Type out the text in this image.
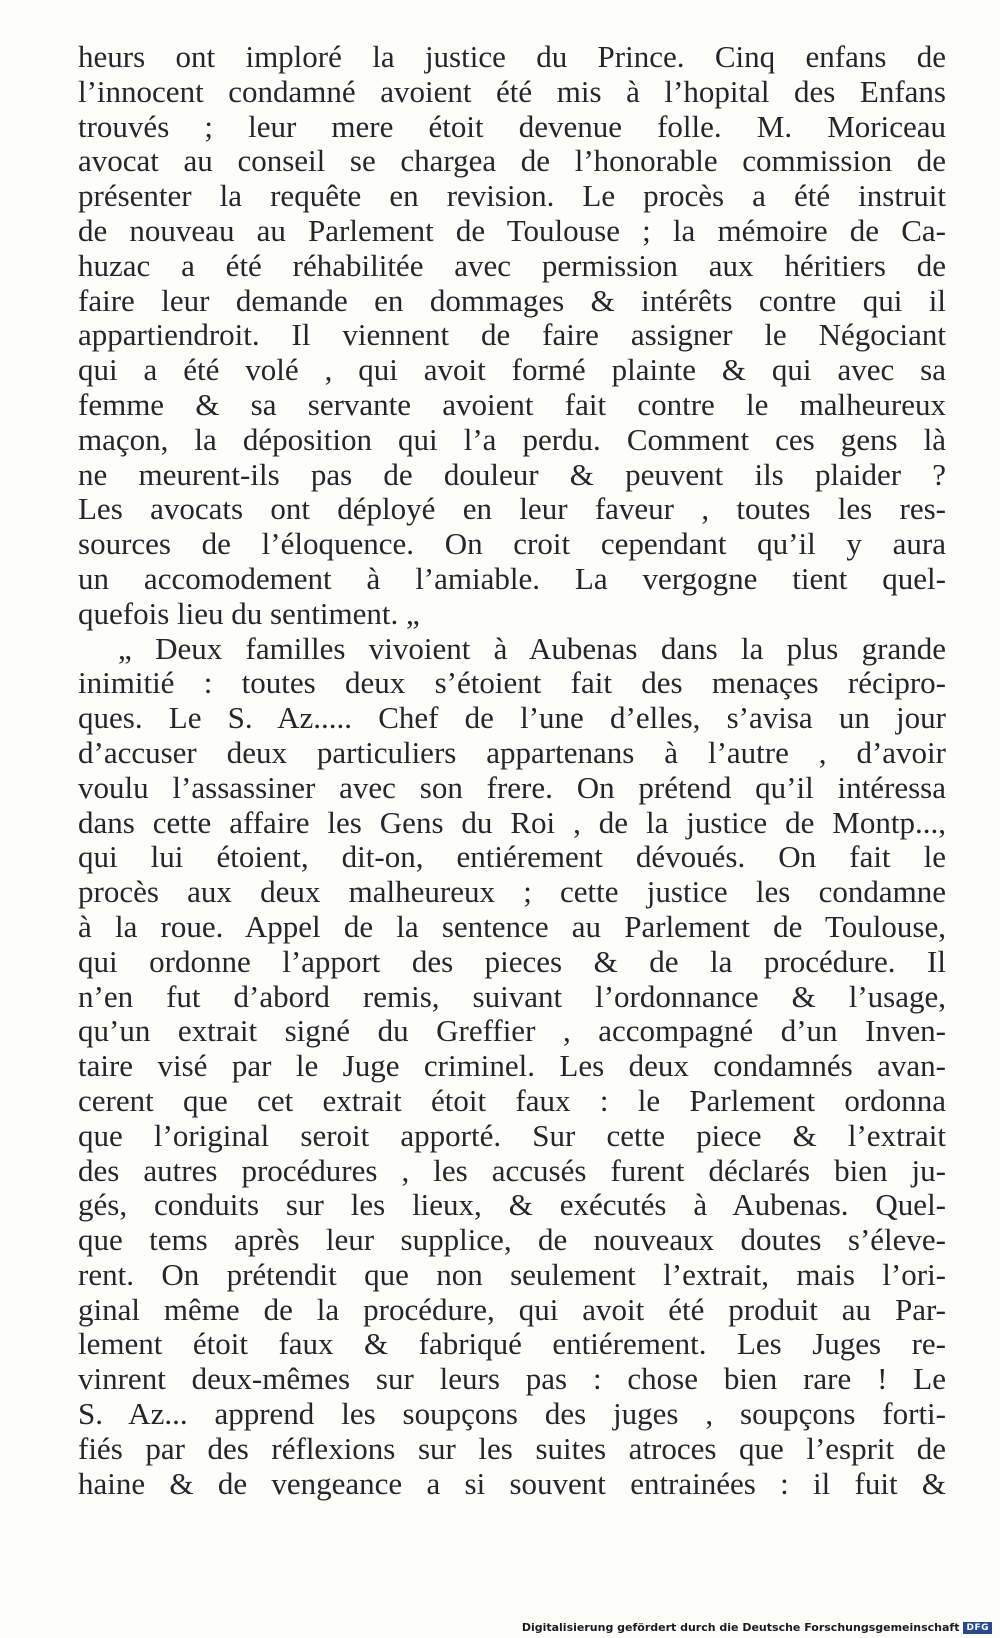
heurs ont imploré la justice du Prince. Cinq enfans de
l’innocent condamné avoient été mis à l’hopital des Enfans
trouvés ; leur mere étoit devenue folle. M. Moriceau
avocat au conseil se chargea de l’honorable commission de
présenter la requête en revision. Le procès a été instruit
de nouveau au Parlement de Toulouse ; la mémoire de Ca-
huzac a été réhabilitée avec permission aux héritiers de
faire leur demande en dommages & intérêts contre qui il
appartiendroit. Il viennent de faire assigner le Négociant
qui a été volé , qui avoit formé plainte & qui avec sa
femme & sa servante avoient fait contre le malheureux
maçon, la déposition qui l’a perdu. Comment ces gens là
ne meurent-ils pas de douleur & peuvent ils plaider ?
Les avocats ont déployé en leur faveur , toutes les res-
sources de l’éloquence. On croit cependant qu’il y aura
un accomodement à l’amiable. La vergogne tient quel-
quefois lieu du sentiment. „
„ Deux familles vivoient à Aubenas dans la plus grande
inimitié : toutes deux s’étoient fait des menaçes récipro-
ques. Le S. Az..... Chef de l’une d’elles, s’avisa un jour
d’accuser deux particuliers appartenans à l’autre , d’avoir
voulu l’assassiner avec son frere. On prétend qu’il intéressa
dans cette affaire les Gens du Roi , de la justice de Montp...,
qui lui étoient, dit-on, entiérement dévoués. On fait le
procès aux deux malheureux ; cette justice les condamne
à la roue. Appel de la sentence au Parlement de Toulouse,
qui ordonne l’apport des pieces & de la procédure. Il
n’en fut d’abord remis, suivant l’ordonnance & l’usage,
qu’un extrait signé du Greffier , accompagné d’un Inven-
taire visé par le Juge criminel. Les deux condamnés avan-
cerent que cet extrait étoit faux : le Parlement ordonna
que l’original seroit apporté. Sur cette piece & l’extrait
des autres procédures , les accusés furent déclarés bien ju-
gés, conduits sur les lieux, & exécutés à Aubenas. Quel-
que tems après leur supplice, de nouveaux doutes s’éleve-
rent. On prétendit que non seulement l’extrait, mais l’ori-
ginal même de la procédure, qui avoit été produit au Par-
lement étoit faux & fabriqué entiérement. Les Juges re-
vinrent deux-mêmes sur leurs pas : chose bien rare ! Le
S. Az... apprend les soupçons des juges , soupçons forti-
fiés par des réflexions sur les suites atroces que l’esprit de
haine & de vengeance a si souvent entrainées : il fuit &
Digitalisierung gefördert durch die Deutsche Forschungsgemeinschaft DFG
